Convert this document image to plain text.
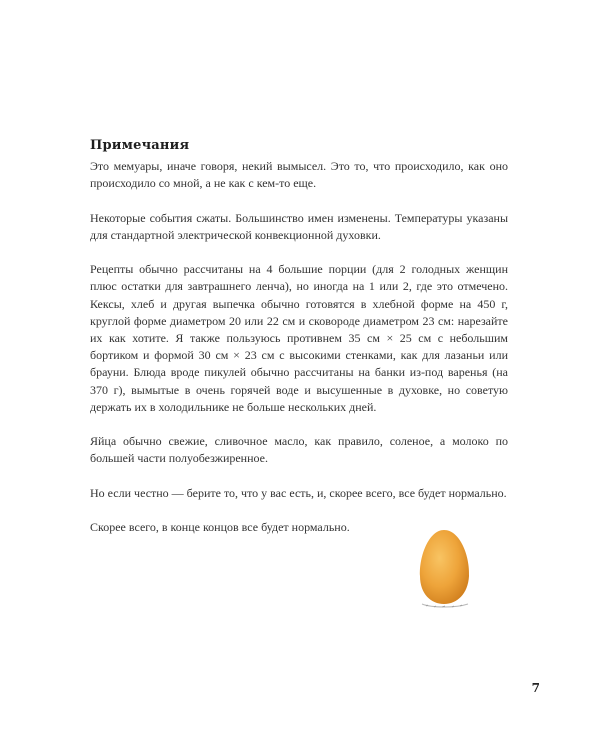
Примечания

Это мемуары, иначе говоря, некий вымысел. Это то, что происходило, как оно происходило со мной, а не как с кем-то еще.

Некоторые события сжаты. Большинство имен изменены. Температуры указаны для стандартной электрической конвекционной духовки.

Рецепты обычно рассчитаны на 4 большие порции (для 2 голодных женщин плюс остатки для завтрашнего ленча), но иногда на 1 или 2, где это отмечено. Кексы, хлеб и другая выпечка обычно готовятся в хлебной форме на 450 г, круглой форме диаметром 20 или 22 см и сковороде диаметром 23 см: нарезайте их как хотите. Я также пользуюсь противнем 35 см × 25 см с небольшим бортиком и формой 30 см × 23 см с высокими стенками, как для лазаньи или брауни. Блюда вроде пикулей обычно рассчитаны на банки из-под варенья (на 370 г), вымытые в очень горячей воде и высушенные в духовке, но советую держать их в холодильнике не больше нескольких дней.

Яйца обычно свежие, сливочное масло, как правило, соленое, а молоко по большей части полуобезжиренное.

Но если честно — берите то, что у вас есть, и, скорее всего, все будет нормально.

Скорее всего, в конце концов все будет нормально.

7
